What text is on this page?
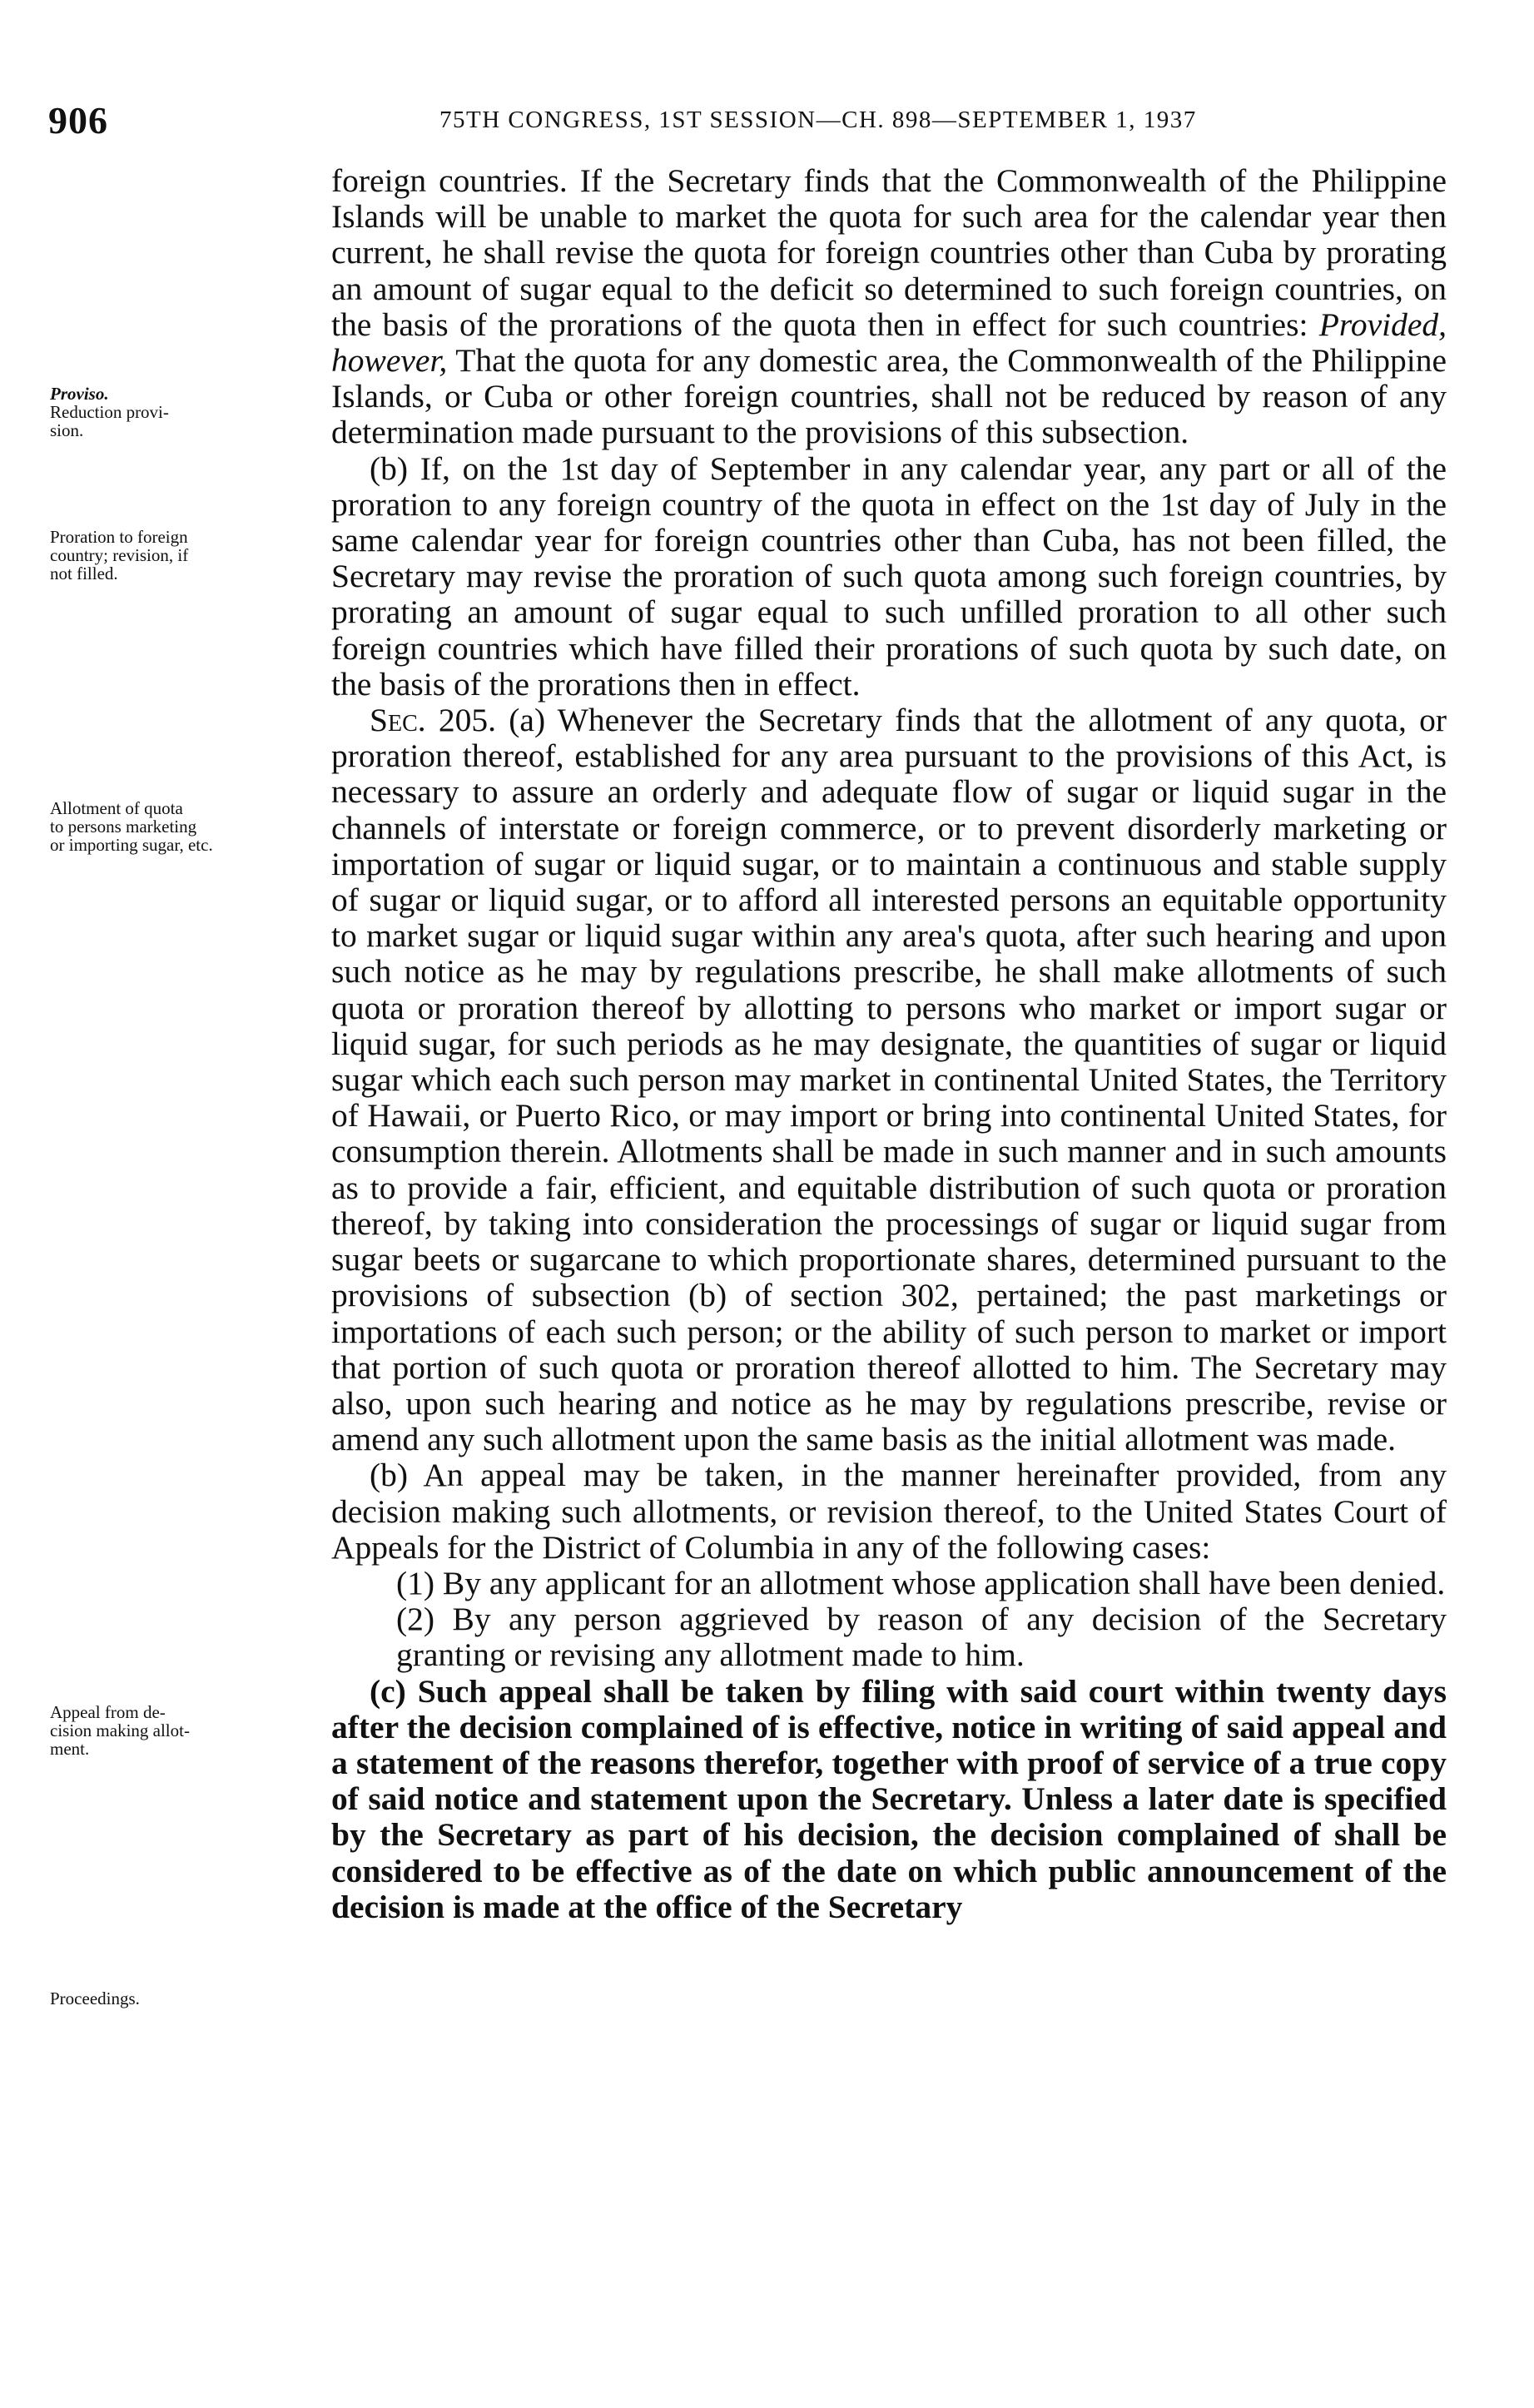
906	75TH CONGRESS, 1ST SESSION—CH. 898—SEPTEMBER 1, 1937
Proviso.
Reduction provi-
sion.
Proration to foreign
country; revision, if
not filled.
Allotment of quota
to persons marketing
or importing sugar, etc.
Appeal from de-
cision making allot-
ment.
Proceedings.

foreign countries. If the Secretary finds that the Commonwealth of the Philippine Islands will be unable to market the quota for such area for the calendar year then current, he shall revise the quota for foreign countries other than Cuba by prorating an amount of sugar equal to the deficit so determined to such foreign countries, on the basis of the prorations of the quota then in effect for such countries: Provided, however, That the quota for any domestic area, the Commonwealth of the Philippine Islands, or Cuba or other foreign countries, shall not be reduced by reason of any determination made pursuant to the provisions of this subsection.

(b) If, on the 1st day of September in any calendar year, any part or all of the proration to any foreign country of the quota in effect on the 1st day of July in the same calendar year for foreign countries other than Cuba, has not been filled, the Secretary may revise the proration of such quota among such foreign countries, by prorating an amount of sugar equal to such unfilled proration to all other such foreign countries which have filled their prorations of such quota by such date, on the basis of the prorations then in effect.

Sec. 205. (a) Whenever the Secretary finds that the allotment of any quota, or proration thereof, established for any area pursuant to the provisions of this Act, is necessary to assure an orderly and adequate flow of sugar or liquid sugar in the channels of interstate or foreign commerce, or to prevent disorderly marketing or importation of sugar or liquid sugar, or to maintain a continuous and stable supply of sugar or liquid sugar, or to afford all interested persons an equitable opportunity to market sugar or liquid sugar within any area's quota, after such hearing and upon such notice as he may by regulations prescribe, he shall make allotments of such quota or proration thereof by allotting to persons who market or import sugar or liquid sugar, for such periods as he may designate, the quantities of sugar or liquid sugar which each such person may market in continental United States, the Territory of Hawaii, or Puerto Rico, or may import or bring into continental United States, for consumption therein. Allotments shall be made in such manner and in such amounts as to provide a fair, efficient, and equitable distribution of such quota or proration thereof, by taking into consideration the processings of sugar or liquid sugar from sugar beets or sugarcane to which proportionate shares, determined pursuant to the provisions of subsection (b) of section 302, pertained; the past marketings or importations of each such person; or the ability of such person to market or import that portion of such quota or proration thereof allotted to him. The Secretary may also, upon such hearing and notice as he may by regulations prescribe, revise or amend any such allotment upon the same basis as the initial allotment was made.

(b) An appeal may be taken, in the manner hereinafter provided, from any decision making such allotments, or revision thereof, to the United States Court of Appeals for the District of Columbia in any of the following cases:

(1) By any applicant for an allotment whose application shall have been denied.

(2) By any person aggrieved by reason of any decision of the Secretary granting or revising any allotment made to him.

(c) Such appeal shall be taken by filing with said court within twenty days after the decision complained of is effective, notice in writing of said appeal and a statement of the reasons therefor, together with proof of service of a true copy of said notice and statement upon the Secretary. Unless a later date is specified by the Secretary as part of his decision, the decision complained of shall be considered to be effective as of the date on which public announcement of the decision is made at the office of the Secretary
